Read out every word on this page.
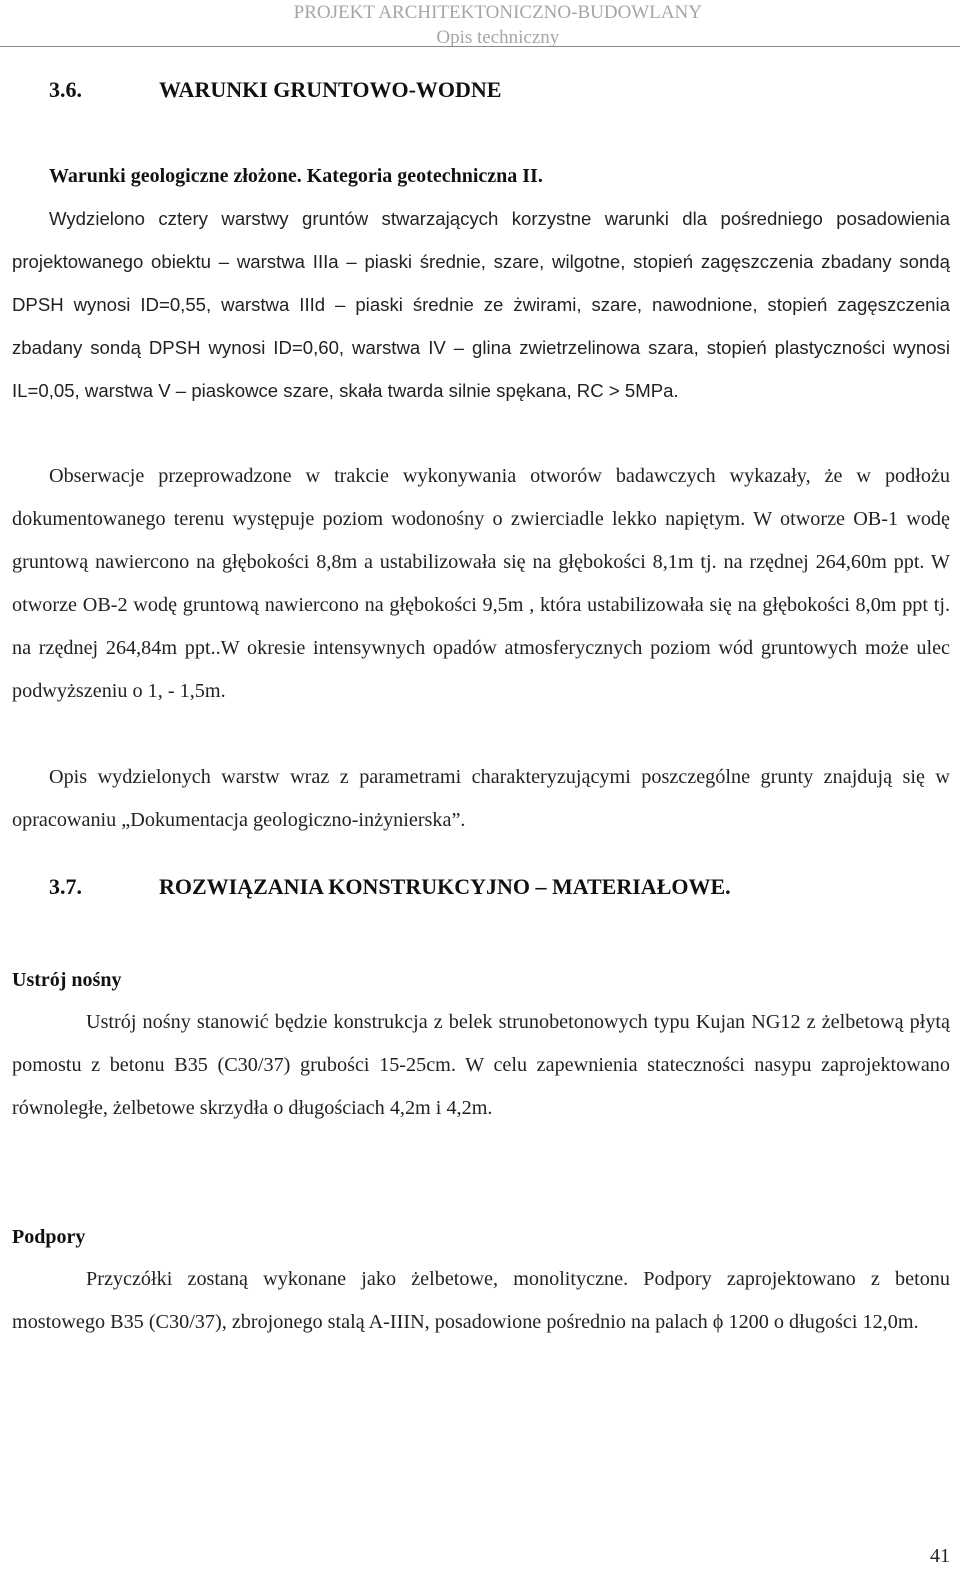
PROJEKT ARCHITEKTONICZNO-BUDOWLANY
Opis techniczny
3.6.	WARUNKI GRUNTOWO-WODNE
Warunki geologiczne złożone. Kategoria geotechniczna II.

Wydzielono cztery warstwy gruntów stwarzających korzystne warunki dla pośredniego posadowienia projektowanego obiektu – warstwa IIIa – piaski średnie, szare, wilgotne, stopień zagęszczenia zbadany sondą DPSH wynosi ID=0,55, warstwa IIId – piaski średnie ze żwirami, szare, nawodnione, stopień zagęszczenia zbadany sondą DPSH wynosi ID=0,60, warstwa IV – glina zwietrzelinowa szara, stopień plastyczności wynosi IL=0,05, warstwa V – piaskowce szare, skała twarda silnie spękana, RC > 5MPa.

Obserwacje przeprowadzone w trakcie wykonywania otworów badawczych wykazały, że w podłożu dokumentowanego terenu występuje poziom wodonośny o zwierciadle lekko napiętym. W otworze OB-1 wodę gruntową nawiercono na głębokości 8,8m a ustabilizowała się na głębokości 8,1m tj. na rzędnej 264,60m ppt. W otworze OB-2 wodę gruntową nawiercono na głębokości 9,5m , która ustabilizowała się na głębokości 8,0m ppt tj. na rzędnej 264,84m ppt..W okresie intensywnych opadów atmosferycznych poziom wód gruntowych może ulec podwyższeniu o 1, - 1,5m.

Opis wydzielonych warstw wraz z parametrami charakteryzującymi poszczególne grunty znajdują się w opracowaniu „Dokumentacja geologiczno-inżynierska”.

3.7.	ROZWIĄZANIA KONSTRUKCYJNO – MATERIAŁOWE.
Ustrój nośny

Ustrój nośny stanowić będzie konstrukcja z belek strunobetonowych typu Kujan NG12 z żelbetową płytą pomostu z betonu B35 (C30/37) grubości 15-25cm. W celu zapewnienia stateczności nasypu zaprojektowano równoległe, żelbetowe skrzydła o długościach 4,2m i 4,2m.

Podpory

Przyczółki zostaną wykonane jako żelbetowe, monolityczne. Podpory zaprojektowano z betonu mostowego B35 (C30/37), zbrojonego stalą A-IIIN, posadowione pośrednio na palach ϕ 1200 o długości 12,0m.

41
